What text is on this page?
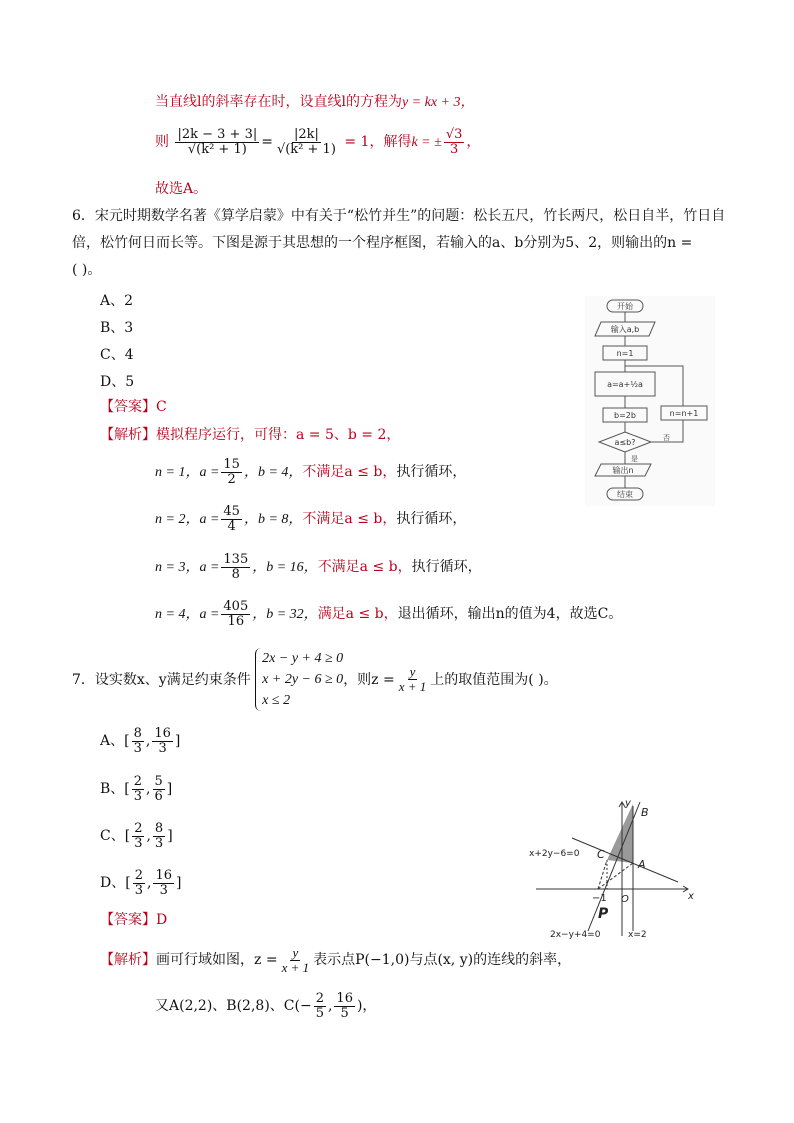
当直线l的斜率存在时，设直线l的方程为y = kx + 3，
则 $\frac{|2k - 3 + 3|}{\text{√(k² + 1)}} = \frac{|2k|}{\text{√(k² + 1)}} = 1$，解得k = ± $\frac{√3}{3}$ ，
故选A。
6．宋元时期数学名著《算学启蒙》中有关于“松竹并生”的问题：松长五尺，竹长两尺，松日自半，竹日自
倍，松竹何日而长等。下图是源于其思想的一个程序框图，若输入的a、b分别为5、2，则输出的n =
( )。
A、2
B、3
C、4
D、5
【答案】C
【解析】模拟程序运行，可得：a = 5、b = 2，
n = 1，$a = \frac{15}{2}$ ，b = 4，不满足a ≤ b，执行循环，
n = 2，$a = \frac{45}{4}$ ，b = 8，不满足a ≤ b，执行循环，
n = 3，$a = \frac{135}{8}$ ，b = 16，不满足a ≤ b，执行循环，
n = 4，$a = \frac{405}{16}$ ，b = 32，满足a ≤ b，退出循环，输出n的值为4，故选C。
开始
输入a,b
n=1
a=a+½a
b=2b
a≤b?
是
否
n=n+1
输出n
结束
7．设实数x、y满足约束条件
2x − y + 4 ≥ 0
x + 2y − 6 ≥ 0
x ≤ 2
，则$z = \frac{y}{x + 1}$ 上的取值范围为( )。
A、[ $\frac{8}{3}$ , $\frac{16}{3}$ ]
B、[ $\frac{2}{3}$ , $\frac{5}{6}$ ]
C、[ $\frac{2}{3}$ , $\frac{8}{3}$ ]
D、[ $\frac{2}{3}$ , $\frac{16}{3}$ ]
【答案】D
【解析】画可行域如图，$z = \frac{y}{x + 1}$ 表示点P(−1,0)与点(x, y)的连线的斜率，
又A(2,2)、B(2,8)、$C(- \frac{2}{5}$ , $\frac{16}{5}$ )，
y
x
B
A
C
O
−1
P
x+2y−6=0
2x−y+4=0	x=2
